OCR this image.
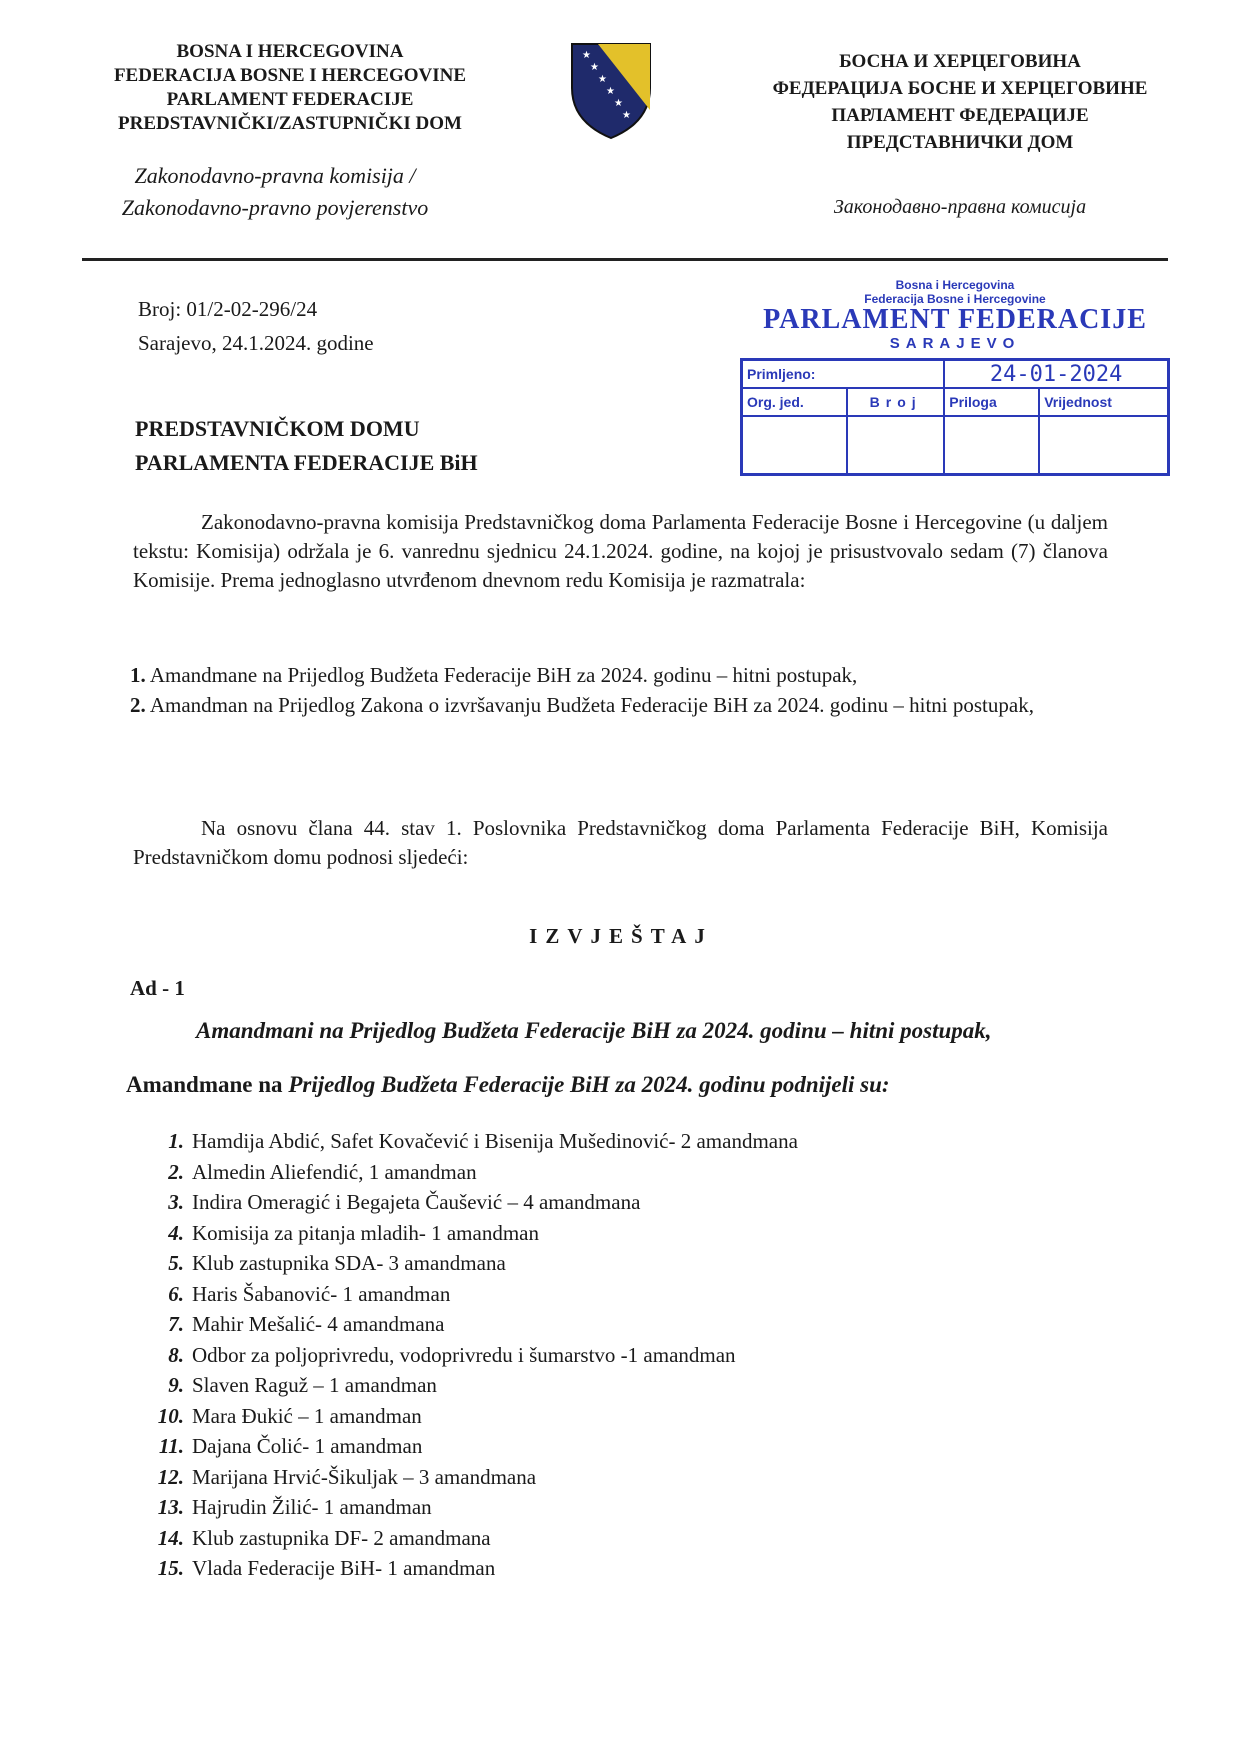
BOSNA I HERCEGOVINA
FEDERACIJA BOSNE I HERCEGOVINE
PARLAMENT FEDERACIJE
PREDSTAVNIČKI/ZASTUPNIČKI DOM
Zakonodavno-pravna komisija /
Zakonodavno-pravno povjerenstvo
★
★
★
★
★
★
БОСНА И ХЕРЦЕГОВИНА
ФЕДЕРАЦИЈА БОСНЕ И ХЕРЦЕГОВИНЕ
ПАРЛАМЕНТ ФЕДЕРАЦИЈЕ
ПРЕДСТАВНИЧКИ ДОМ
Законодавно-правна комисија
Broj: 01/2-02-296/24
Sarajevo, 24.1.2024. godine
Bosna i Hercegovina
Federacija Bosne i Hercegovine
PARLAMENT FEDERACIJE
SARAJEVO
Primljeno:		24-01-2024	
Org. jed.	Broj	Priloga	Vrijednost

PREDSTAVNIČKOM DOMU
PARLAMENTA FEDERACIJE BiH
Zakonodavno-pravna komisija Predstavničkog doma Parlamenta Federacije Bosne i Hercegovine (u daljem tekstu: Komisija) održala je 6. vanrednu sjednicu 24.1.2024. godine, na kojoj je prisustvovalo sedam (7) članova Komisije. Prema jednoglasno utvrđenom dnevnom redu Komisija je razmatrala:
1. Amandmane na Prijedlog Budžeta Federacije BiH za 2024. godinu – hitni postupak,
2. Amandman na Prijedlog Zakona o izvršavanju Budžeta Federacije BiH za 2024. godinu – hitni postupak,
Na osnovu člana 44. stav 1. Poslovnika Predstavničkog doma Parlamenta Federacije BiH, Komisija Predstavničkom domu podnosi sljedeći:
IZVJEŠTAJ
Ad - 1
Amandmani na Prijedlog Budžeta Federacije BiH za 2024. godinu – hitni postupak,
Amandmane na Prijedlog Budžeta Federacije BiH za 2024. godinu podnijeli su:
1. Hamdija Abdić, Safet Kovačević i Bisenija Mušedinović- 2 amandmana
2. Almedin Aliefendić, 1 amandman
3. Indira Omeragić i Begajeta Čaušević – 4 amandmana
4. Komisija za pitanja mladih- 1 amandman
5. Klub zastupnika SDA- 3 amandmana
6. Haris Šabanović- 1 amandman
7. Mahir Mešalić- 4 amandmana
8. Odbor za poljoprivredu, vodoprivredu i šumarstvo -1 amandman
9. Slaven Raguž – 1 amandman
10. Mara Đukić – 1 amandman
11. Dajana Čolić- 1 amandman
12. Marijana Hrvić-Šikuljak – 3 amandmana
13. Hajrudin Žilić- 1 amandman
14. Klub zastupnika DF- 2 amandmana
15. Vlada Federacije BiH- 1 amandman
